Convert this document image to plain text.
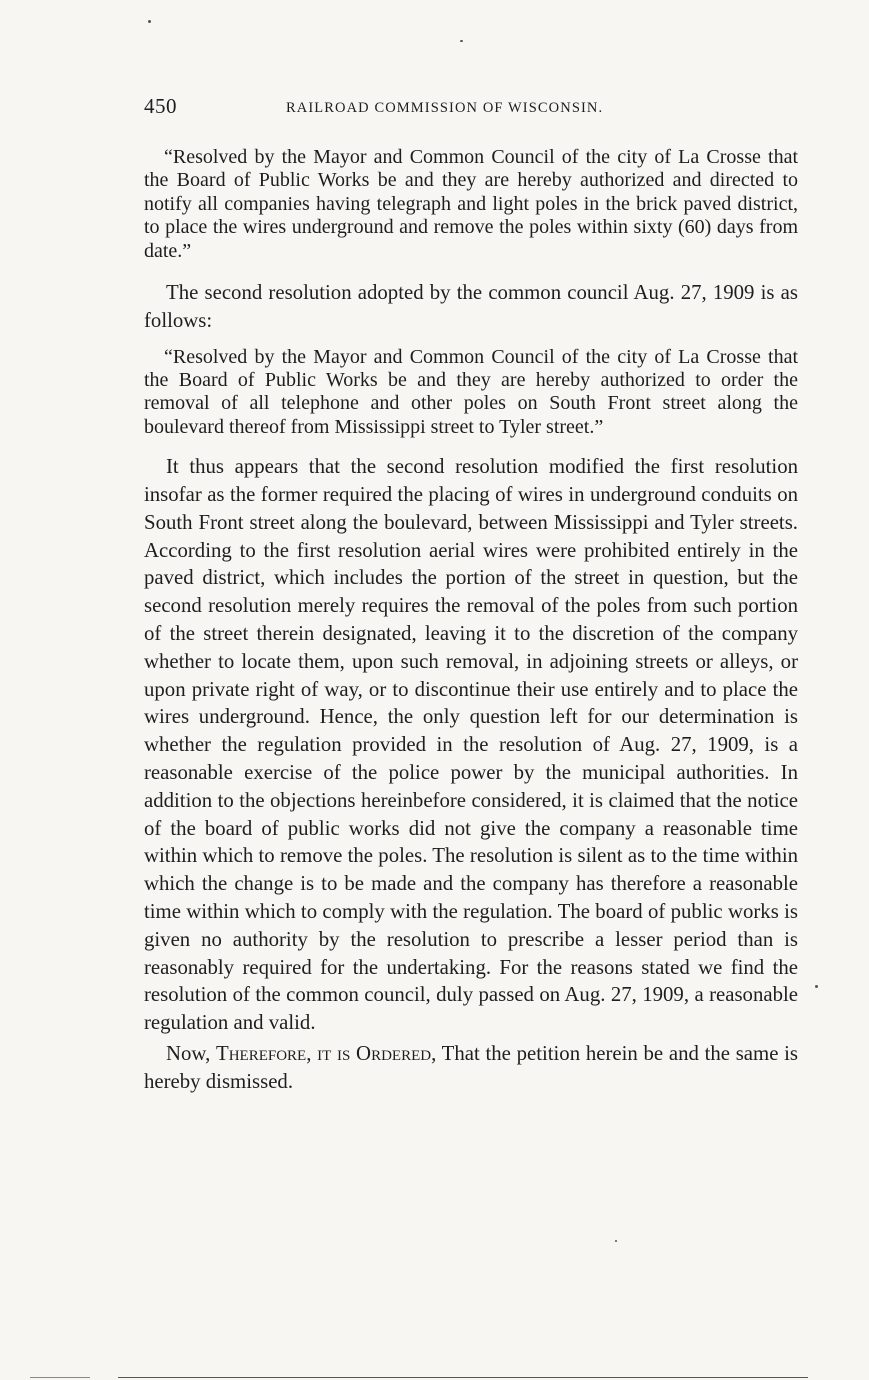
450	RAILROAD COMMISSION OF WISCONSIN.

“Resolved by the Mayor and Common Council of the city of La Crosse that the Board of Public Works be and they are hereby authorized and directed to notify all companies having telegraph and light poles in the brick paved district, to place the wires underground and remove the poles within sixty (60) days from date.”

The second resolution adopted by the common council Aug. 27, 1909 is as follows:

“Resolved by the Mayor and Common Council of the city of La Crosse that the Board of Public Works be and they are hereby authorized to order the removal of all telephone and other poles on South Front street along the boulevard thereof from Mississippi street to Tyler street.”

It thus appears that the second resolution modified the first resolution insofar as the former required the placing of wires in underground conduits on South Front street along the boulevard, between Mississippi and Tyler streets. According to the first resolution aerial wires were prohibited entirely in the paved district, which includes the portion of the street in question, but the second resolution merely requires the removal of the poles from such portion of the street therein designated, leaving it to the discretion of the company whether to locate them, upon such removal, in adjoining streets or alleys, or upon private right of way, or to discontinue their use entirely and to place the wires underground. Hence, the only question left for our determination is whether the regulation provided in the resolution of Aug. 27, 1909, is a reasonable exercise of the police power by the municipal authorities. In addition to the objections hereinbefore considered, it is claimed that the notice of the board of public works did not give the company a reasonable time within which to remove the poles. The resolution is silent as to the time within which the change is to be made and the company has therefore a reasonable time within which to comply with the regulation. The board of public works is given no authority by the resolution to prescribe a lesser period than is reasonably required for the undertaking. For the reasons stated we find the resolution of the common council, duly passed on Aug. 27, 1909, a reasonable regulation and valid.

Now, Therefore, it is Ordered, That the petition herein be and the same is hereby dismissed.
